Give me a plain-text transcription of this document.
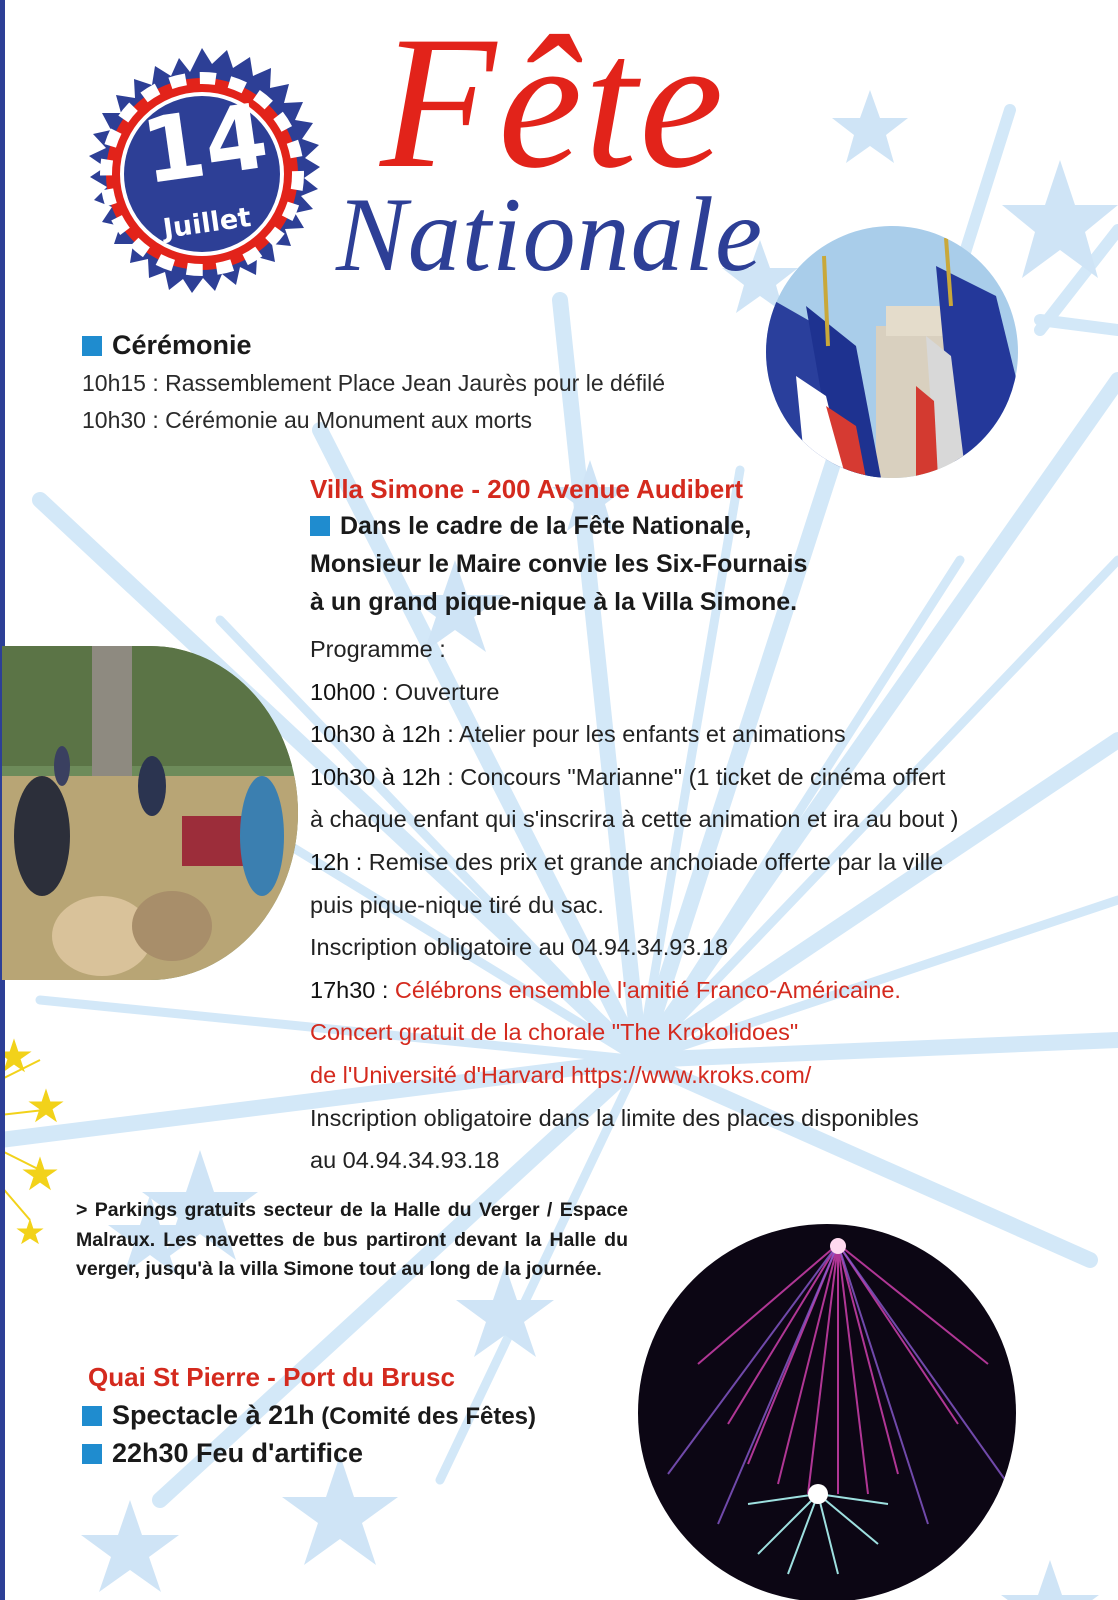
14
Juillet
Fête
Nationale
Cérémonie
10h15 : Rassemblement Place Jean Jaurès pour le défilé
10h30 : Cérémonie au Monument aux morts
Villa Simone - 200 Avenue Audibert
Dans le cadre de la Fête Nationale,
Monsieur le Maire convie les Six-Fournais
à un grand pique-nique à la Villa Simone.
Programme :
10h00 : Ouverture
10h30 à 12h : Atelier pour les enfants et animations
10h30 à 12h : Concours "Marianne" (1 ticket de cinéma offert
à chaque enfant qui s'inscrira à cette animation et ira au bout )
12h : Remise des prix et grande anchoiade offerte par la ville
puis pique-nique tiré du sac.
Inscription obligatoire au 04.94.34.93.18
17h30 : Célébrons ensemble l'amitié Franco-Américaine.
Concert gratuit de la chorale "The Krokolidoes"
de l'Université d'Harvard https://www.kroks.com/
Inscription obligatoire dans la limite des places disponibles
au 04.94.34.93.18
> Parkings gratuits secteur de la Halle du Verger / Espace Malraux. Les navettes de bus partiront devant la Halle du verger, jusqu'à la villa Simone tout au long de la journée.
Quai St Pierre - Port du Brusc
Spectacle à 21h (Comité des Fêtes)
22h30 Feu d'artifice
